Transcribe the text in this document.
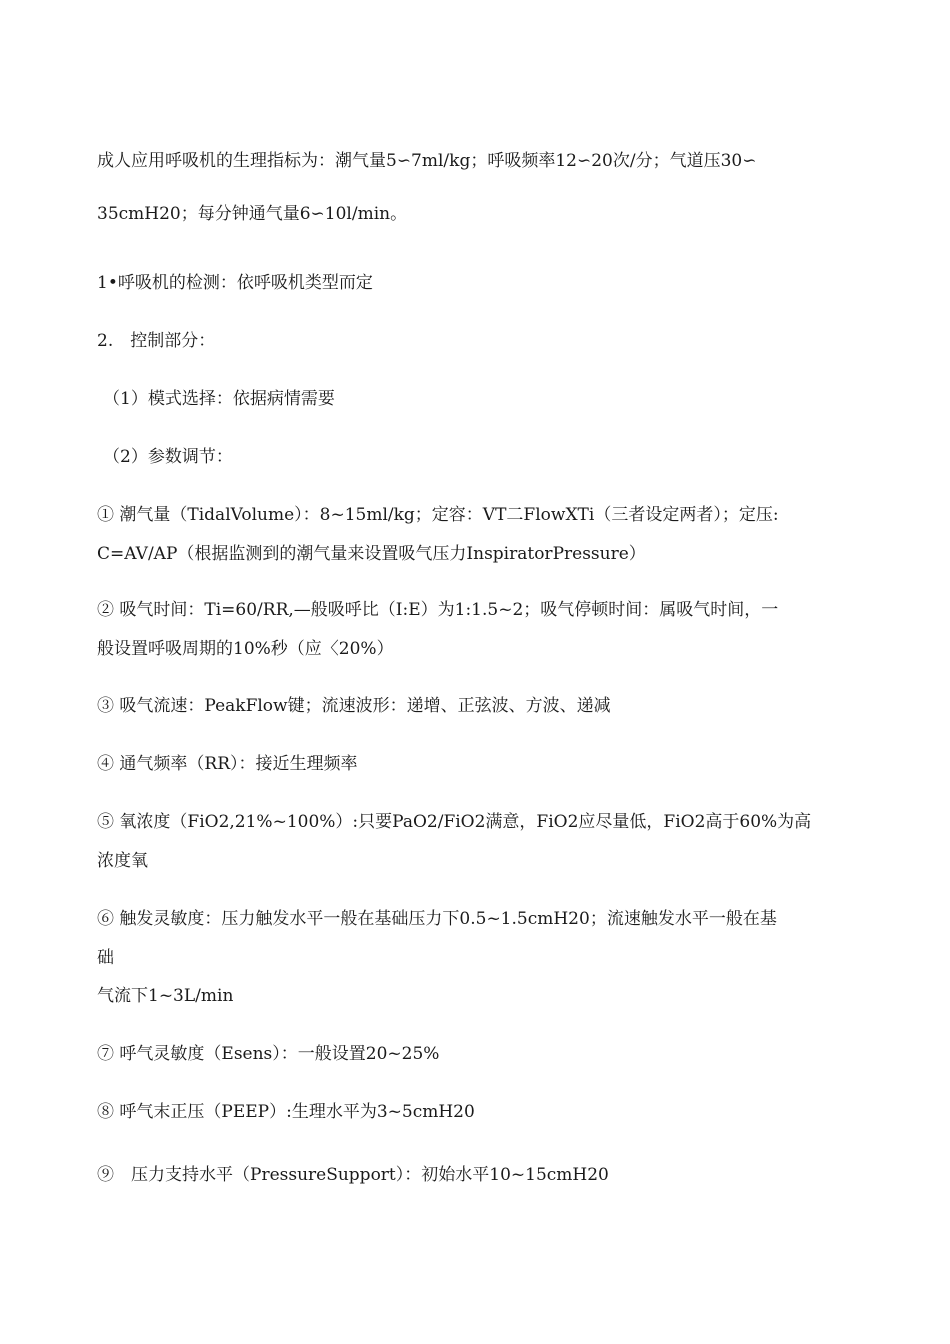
成人应用呼吸机的生理指标为：潮气量5∽7ml/kg；呼吸频率12∽20次/分；气道压30∽
35cmH20；每分钟通气量6∽10l/min。
1•呼吸机的检测：依呼吸机类型而定
2.　控制部分：
（1）模式选择：依据病情需要
（2）参数调节：
① 潮气量（TidalVolume）：8~15ml/kg；定容：VT二FlowXTi（三者设定两者）；定压:
C=AV/AP（根据监测到的潮气量来设置吸气压力InspiratorPressure）
② 吸气时间：Ti=60/RR,—般吸呼比（I:E）为1:1.5~2；吸气停顿时间：属吸气时间，一
般设置呼吸周期的10%秒（应〈20%）
③ 吸气流速：PeakFlow键；流速波形：递增、正弦波、方波、递减
④ 通气频率（RR）：接近生理频率
⑤ 氧浓度（FiO2,21%~100%）:只要PaO2/FiO2满意，FiO2应尽量低，FiO2高于60%为高
浓度氧
⑥ 触发灵敏度：压力触发水平一般在基础压力下0.5~1.5cmH20；流速触发水平一般在基
础
气流下1~3L/min
⑦ 呼气灵敏度（Esens）：一般设置20~25%
⑧ 呼气末正压（PEEP）:生理水平为3~5cmH20
⑨　压力支持水平（PressureSupport）：初始水平10~15cmH20
